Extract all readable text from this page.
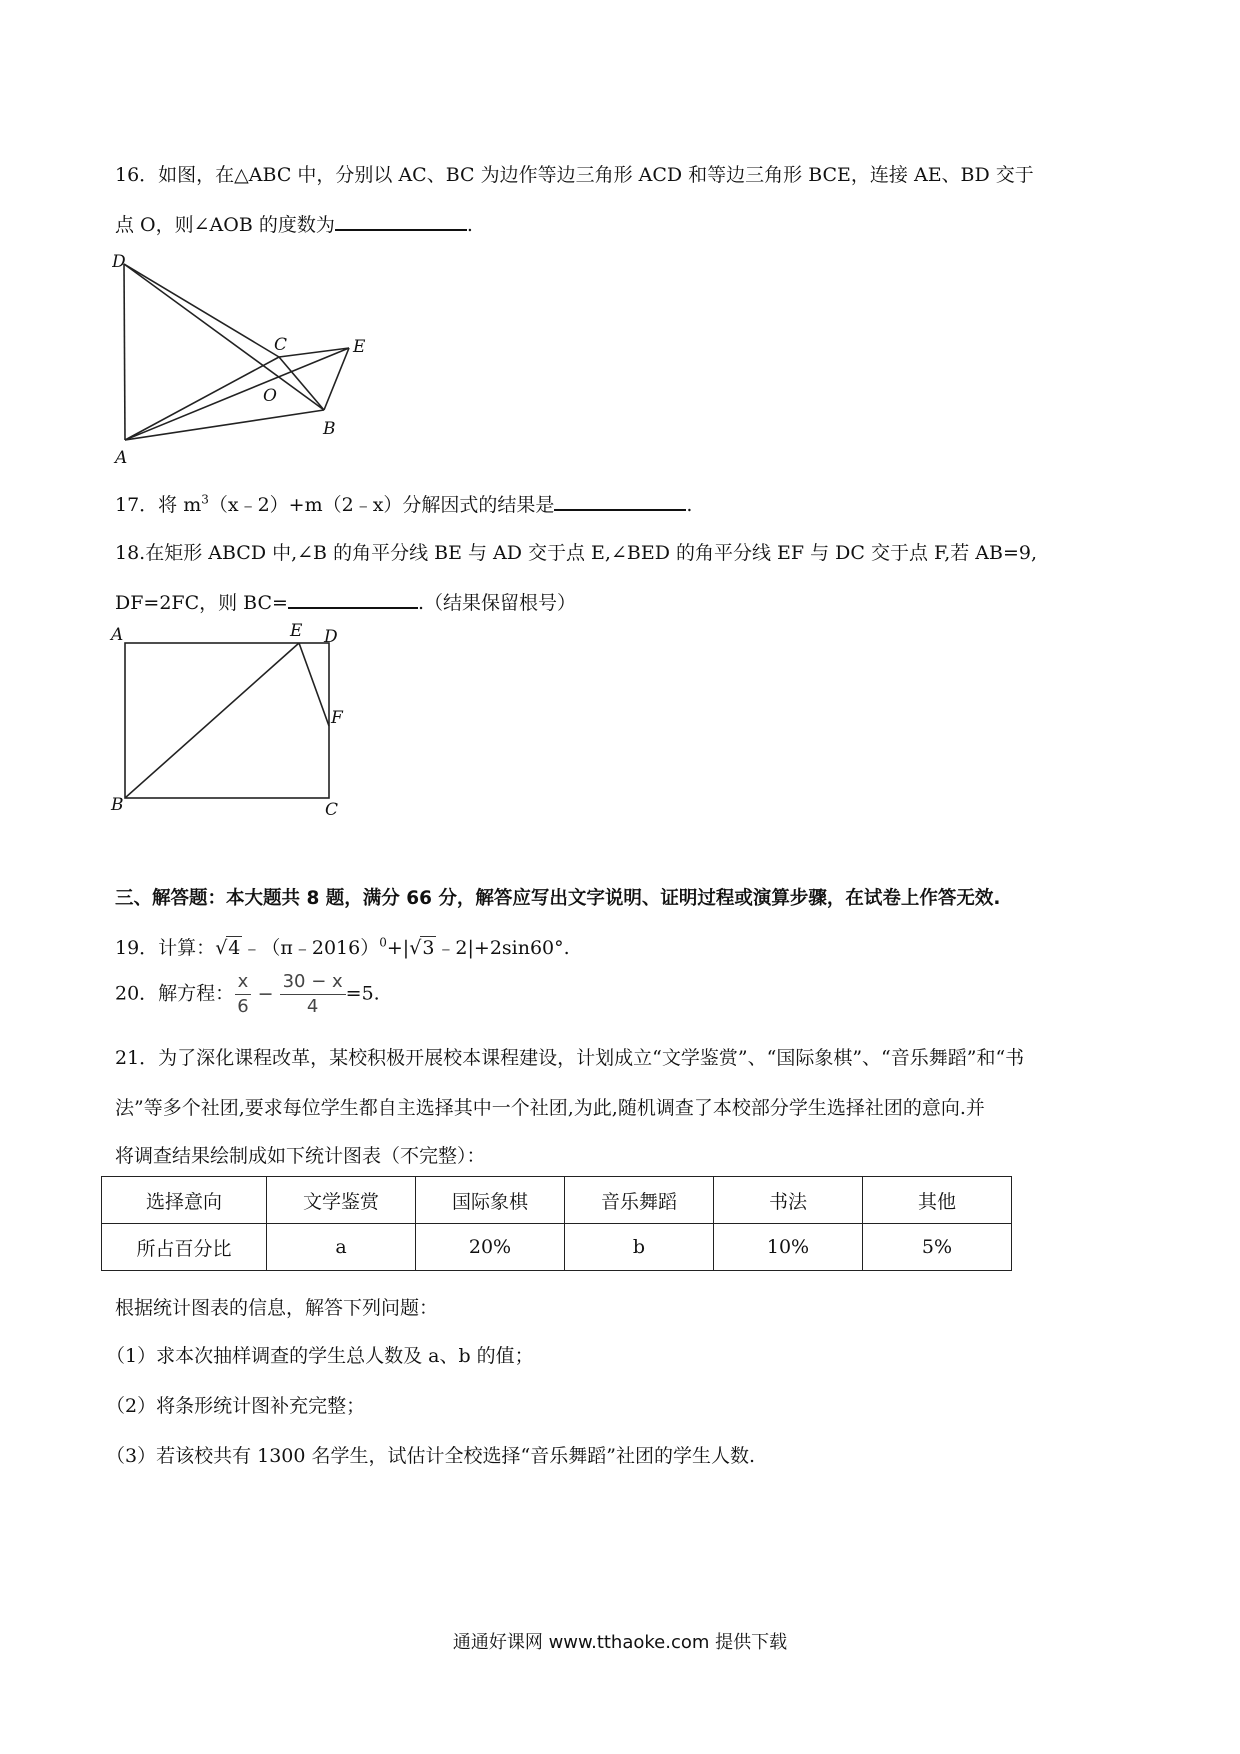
16．如图，在△ABC 中，分别以 AC、BC 为边作等边三角形 ACD 和等边三角形 BCE，连接 AE、BD 交于
点 O，则∠AOB 的度数为	.
D
C	E
O
B
A
17．将 $m^3(x﹣2)+m(2﹣x)$分解因式的结果是	.
18.在矩形 ABCD 中,∠B 的角平分线 BE 与 AD 交于点 E,∠BED 的角平分线 EF 与 DC 交于点 F,若 AB=9,
DF=2FC，则 BC=	.（结果保留根号）
A	E D
F
B	C
三、解答题：本大题共 8 题，满分 66 分，解答应写出文字说明、证明过程或演算步骤，在试卷上作答无效.
19．计算：√4 ﹣（π﹣2016）$^0$+|√3 ﹣2|+2sin60°.
20．解方程： $\frac{x}{6} - \frac{30 - x}{4} =5$.
21．为了深化课程改革，某校积极开展校本课程建设，计划成立“文学鉴赏”、“国际象棋”、“音乐舞蹈”和“书
法”等多个社团,要求每位学生都自主选择其中一个社团,为此,随机调查了本校部分学生选择社团的意向.并
将调查结果绘制成如下统计图表（不完整）：
选择意向	文学鉴赏	国际象棋	音乐舞蹈	书法	其他
所占百分比	a	20%	b	10%	5%
根据统计图表的信息，解答下列问题：
（1）求本次抽样调查的学生总人数及 a、b 的值；
（2）将条形统计图补充完整；
（3）若该校共有 1300 名学生，试估计全校选择“音乐舞蹈”社团的学生人数.
通通好课网 www.tthaoke.com 提供下载
